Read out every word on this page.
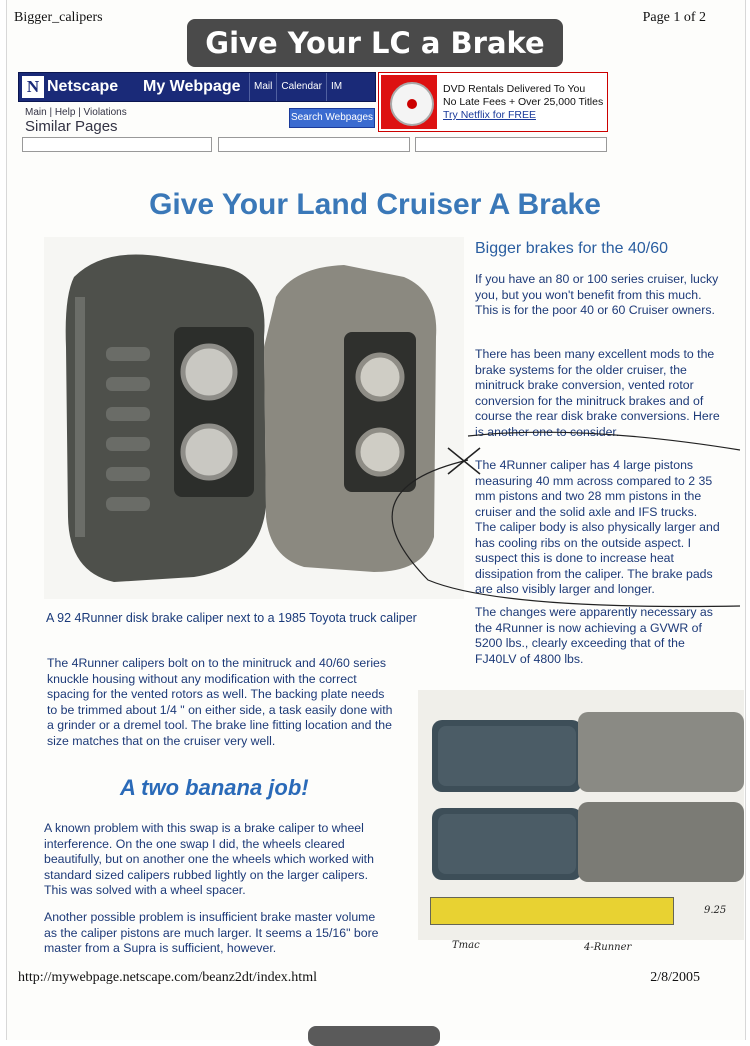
Bigger_calipers	Page 1 of 2
N Netscape My Webpage	Mail Calendar IM	DVD Rentals Delivered To You
No Late Fees + Over 25,000 Titles
Try Netflix for FREE
Main | Help | Violations
Similar Pages
Search Webpages
Give Your Land Cruiser A Brake
A 92 4Runner disk brake caliper next to a 1985 Toyota truck caliper
Bigger brakes for the 40/60
If you have an 80 or 100 series cruiser, lucky you, but you won't benefit from this much. This is for the poor 40 or 60 Cruiser owners.
There has been many excellent mods to the brake systems for the older cruiser, the minitruck brake conversion, vented rotor conversion for the minitruck brakes and of course the rear disk brake conversions. Here is another one to consider.
The 4Runner caliper has 4 large pistons measuring 40 mm across compared to 2 35 mm pistons and two 28 mm pistons in the cruiser and the solid axle and IFS trucks. The caliper body is also physically larger and has cooling ribs on the outside aspect. I suspect this is done to increase heat dissipation from the caliper. The brake pads are also visibly larger and longer.
The changes were apparently necessary as the 4Runner is now achieving a GVWR of 5200 lbs., clearly exceeding that of the FJ40LV of 4800 lbs.
The 4Runner calipers bolt on to the minitruck and 40/60 series knuckle housing without any modification with the correct spacing for the vented rotors as well. The backing plate needs to be trimmed about 1/4 " on either side, a task easily done with a grinder or a dremel tool. The brake line fitting location and the size matches that on the cruiser very well.
A two banana job!
A known problem with this swap is a brake caliper to wheel interference. On the one swap I did, the wheels cleared beautifully, but on another one the wheels which worked with standard sized calipers rubbed lightly on the larger calipers. This was solved with a wheel spacer.
Another possible problem is insufficient brake master volume as the caliper pistons are much larger. It seems a 15/16" bore master from a Supra is sufficient, however.	Tmac	4-Runner
9.25
http://mywebpage.netscape.com/beanz2dt/index.html	2/8/2005
Give Your LC a Brake
